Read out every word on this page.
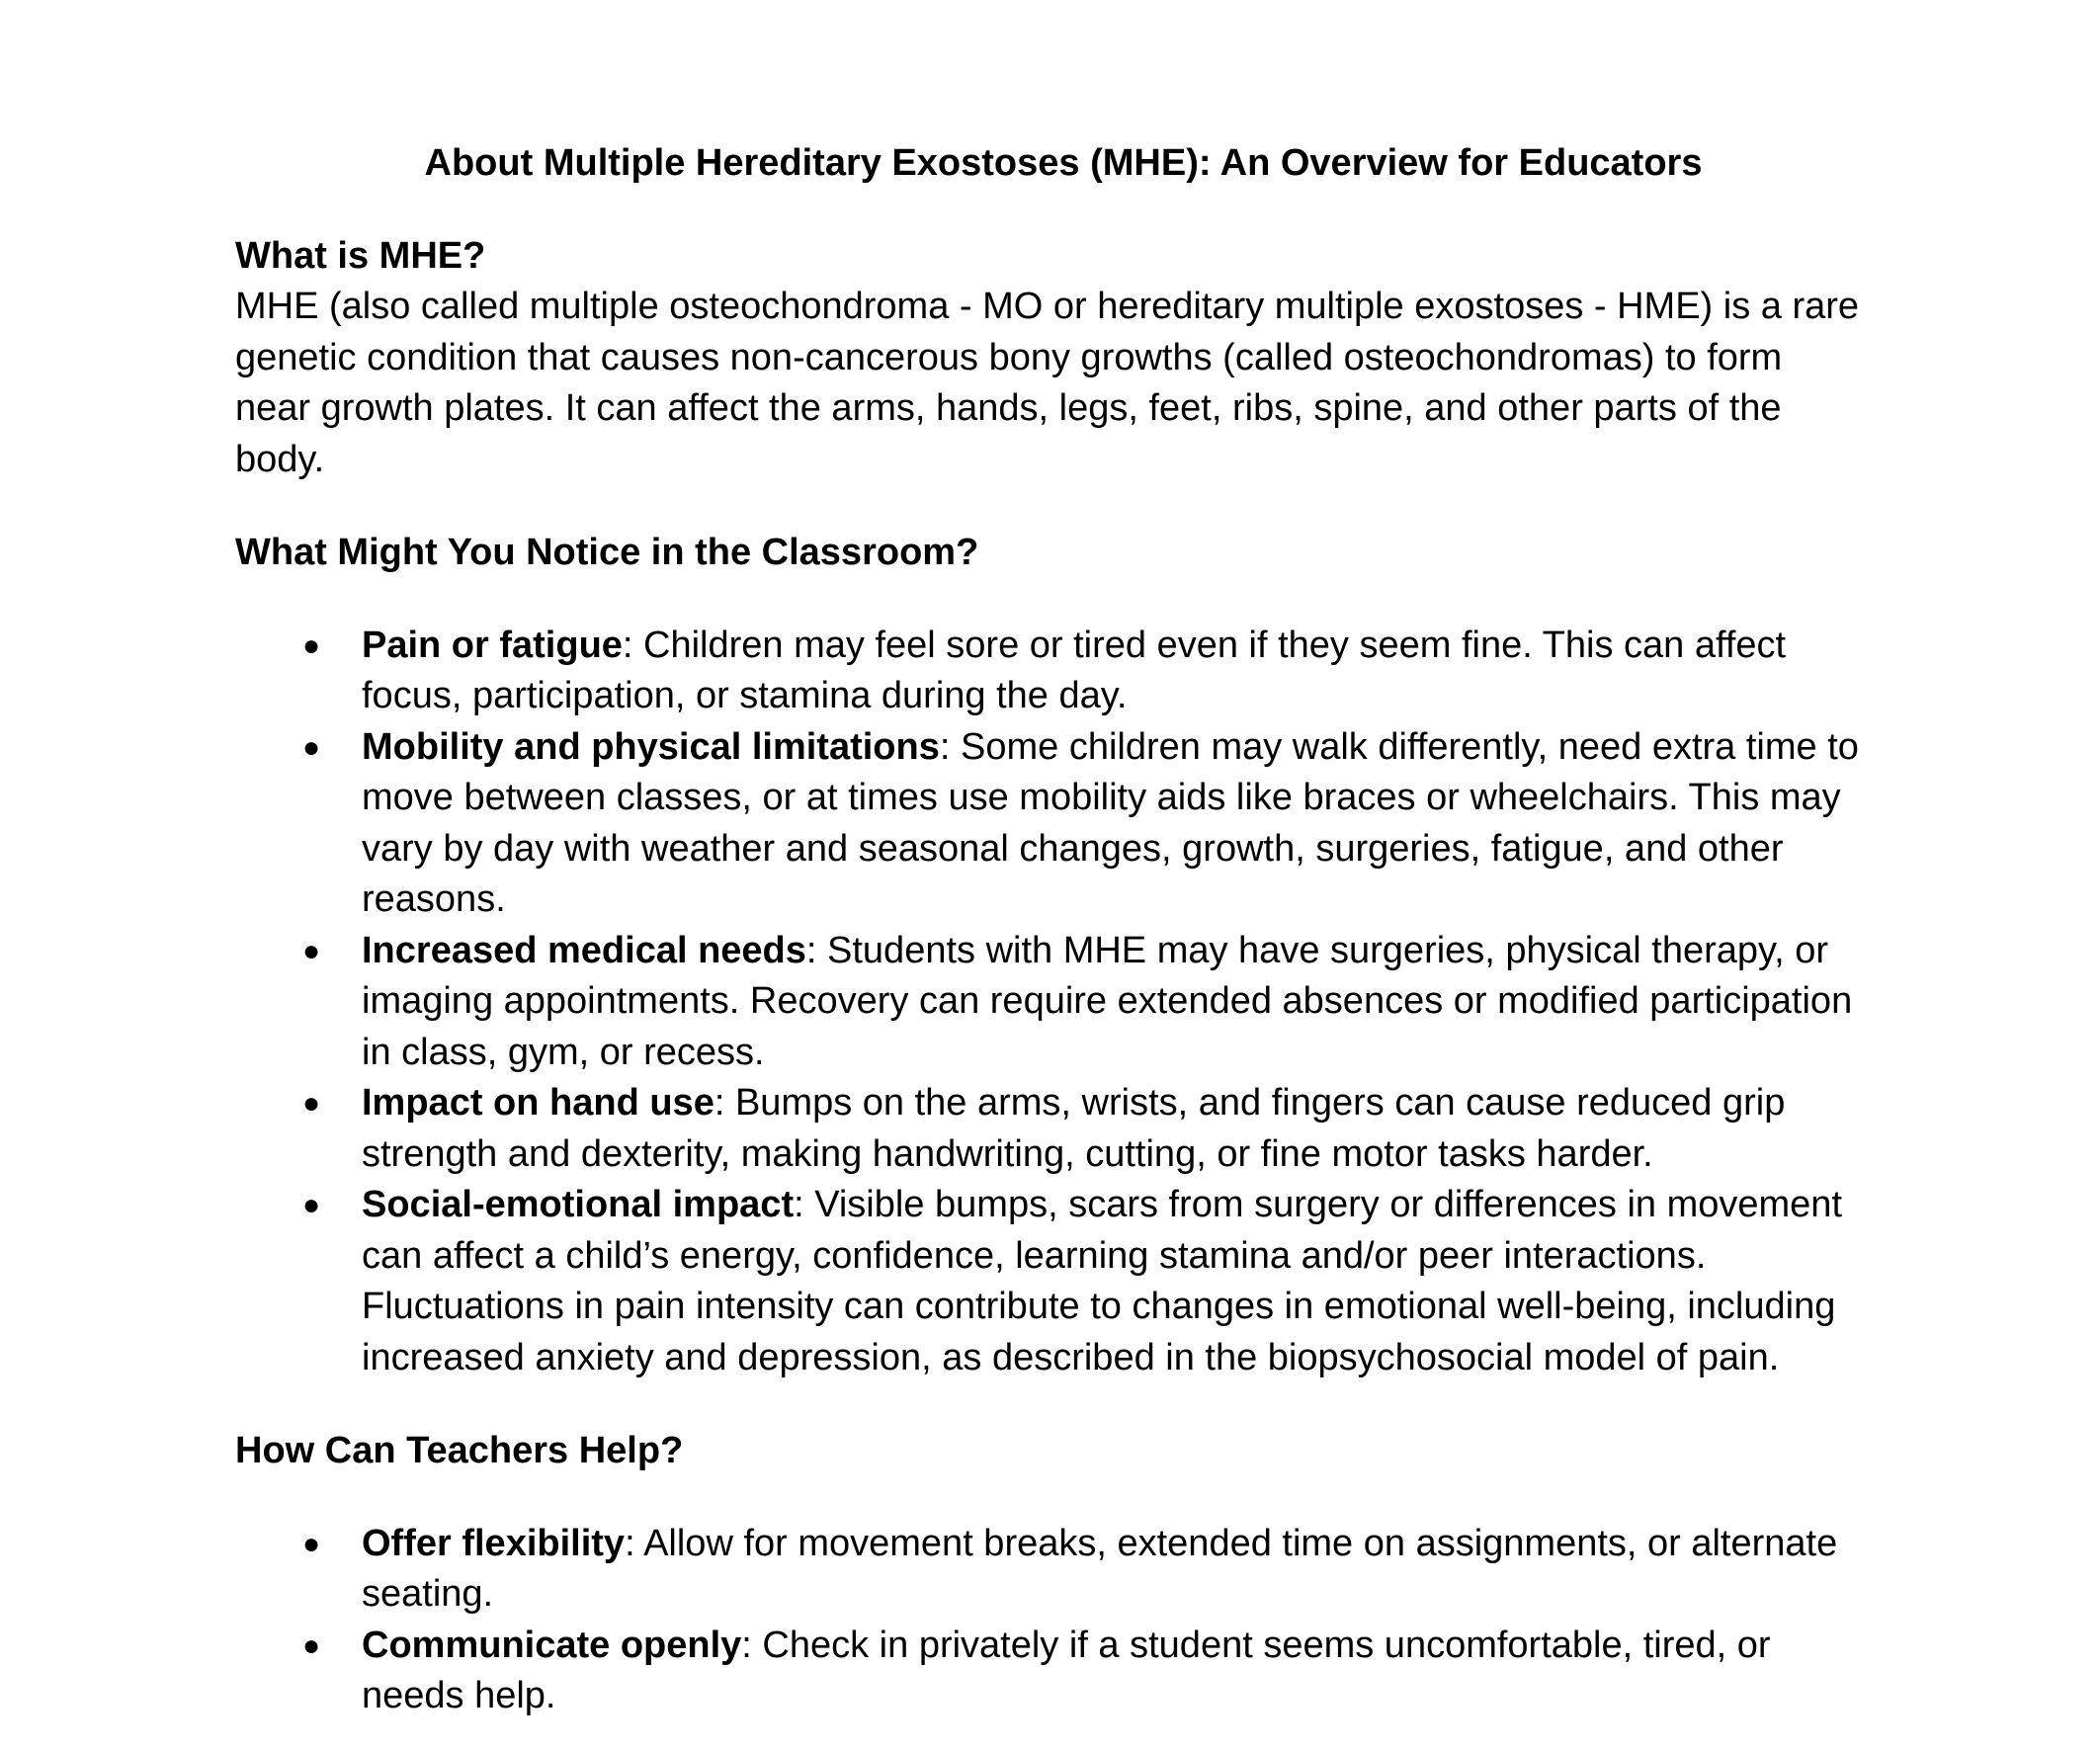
About Multiple Hereditary Exostoses (MHE): An Overview for Educators
What is MHE?

MHE (also called multiple osteochondroma - MO or hereditary multiple exostoses - HME) is a rare genetic condition that causes non-cancerous bony growths (called osteochondromas) to form near growth plates. It can affect the arms, hands, legs, feet, ribs, spine, and other parts of the body.

What Might You Notice in the Classroom?
● Pain or fatigue: Children may feel sore or tired even if they seem fine. This can affect focus, participation, or stamina during the day.
● Mobility and physical limitations: Some children may walk differently, need extra time to move between classes, or at times use mobility aids like braces or wheelchairs. This may vary by day with weather and seasonal changes, growth, surgeries, fatigue, and other reasons.
● Increased medical needs: Students with MHE may have surgeries, physical therapy, or imaging appointments. Recovery can require extended absences or modified participation in class, gym, or recess.
● Impact on hand use: Bumps on the arms, wrists, and fingers can cause reduced grip strength and dexterity, making handwriting, cutting, or fine motor tasks harder.
● Social-emotional impact: Visible bumps, scars from surgery or differences in movement can affect a child’s energy, confidence, learning stamina and/or peer interactions. Fluctuations in pain intensity can contribute to changes in emotional well-being, including increased anxiety and depression, as described in the biopsychosocial model of pain.
How Can Teachers Help?
● Offer flexibility: Allow for movement breaks, extended time on assignments, or alternate seating.
● Communicate openly: Check in privately if a student seems uncomfortable, tired, or needs help.
